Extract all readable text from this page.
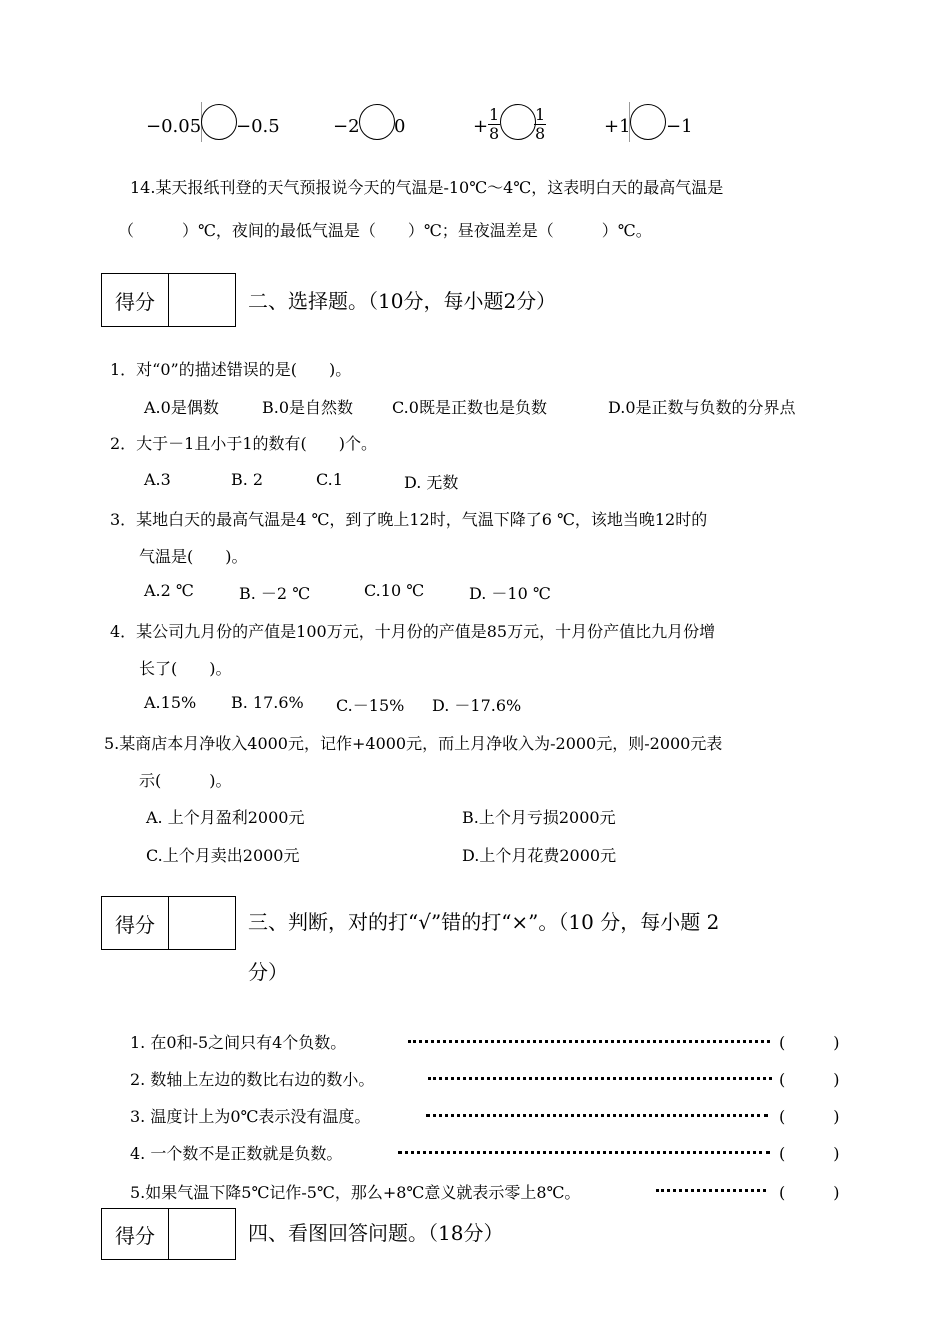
−0.05 −0.5	−2 0	+ $\frac{1}{8} \frac{1}{8}$	+1 −1
14.某天报纸刊登的天气预报说今天的气温是-10℃～4℃，这表明白天的最高气温是
（　　　）℃，夜间的最低气温是（　　）℃；昼夜温差是（　　　）℃。
得分	二、选择题。（10分，每小题2分）
1．对“0”的描述错误的是(　　)。
A.0是偶数	B.0是自然数 C.0既是正数也是负数	D.0是正数与负数的分界点
2．大于－1且小于1的数有(　　)个。
A.3	B. 2	C.1	D. 无数
3．某地白天的最高气温是4 ℃，到了晚上12时，气温下降了6 ℃，该地当晚12时的
气温是(　　)。
A.2 ℃	B. －2 ℃	C.10 ℃	D. －10 ℃
4．某公司九月份的产值是100万元，十月份的产值是85万元，十月份产值比九月份增
长了(　　)。
A.15% B. 17.6% C.－15% D. －17.6%
5.某商店本月净收入4000元，记作+4000元，而上月净收入为-2000元，则-2000元表
示(　　　)。
A. 上个月盈利2000元	B.上个月亏损2000元
C.上个月卖出2000元	D.上个月花费2000元
得分	三、判断，对的打“√”错的打“×”。（10 分，每小题 2
分）
1. 在0和-5之间只有4个负数。	(　　　)
2. 数轴上左边的数比右边的数小。	(　　　)
3. 温度计上为0℃表示没有温度。	(　　　)
4. 一个数不是正数就是负数。	(　　　)
5.如果气温下降5℃记作-5℃，那么+8℃意义就表示零上8℃。	(　　　)
得分	四、看图回答问题。（18分）
